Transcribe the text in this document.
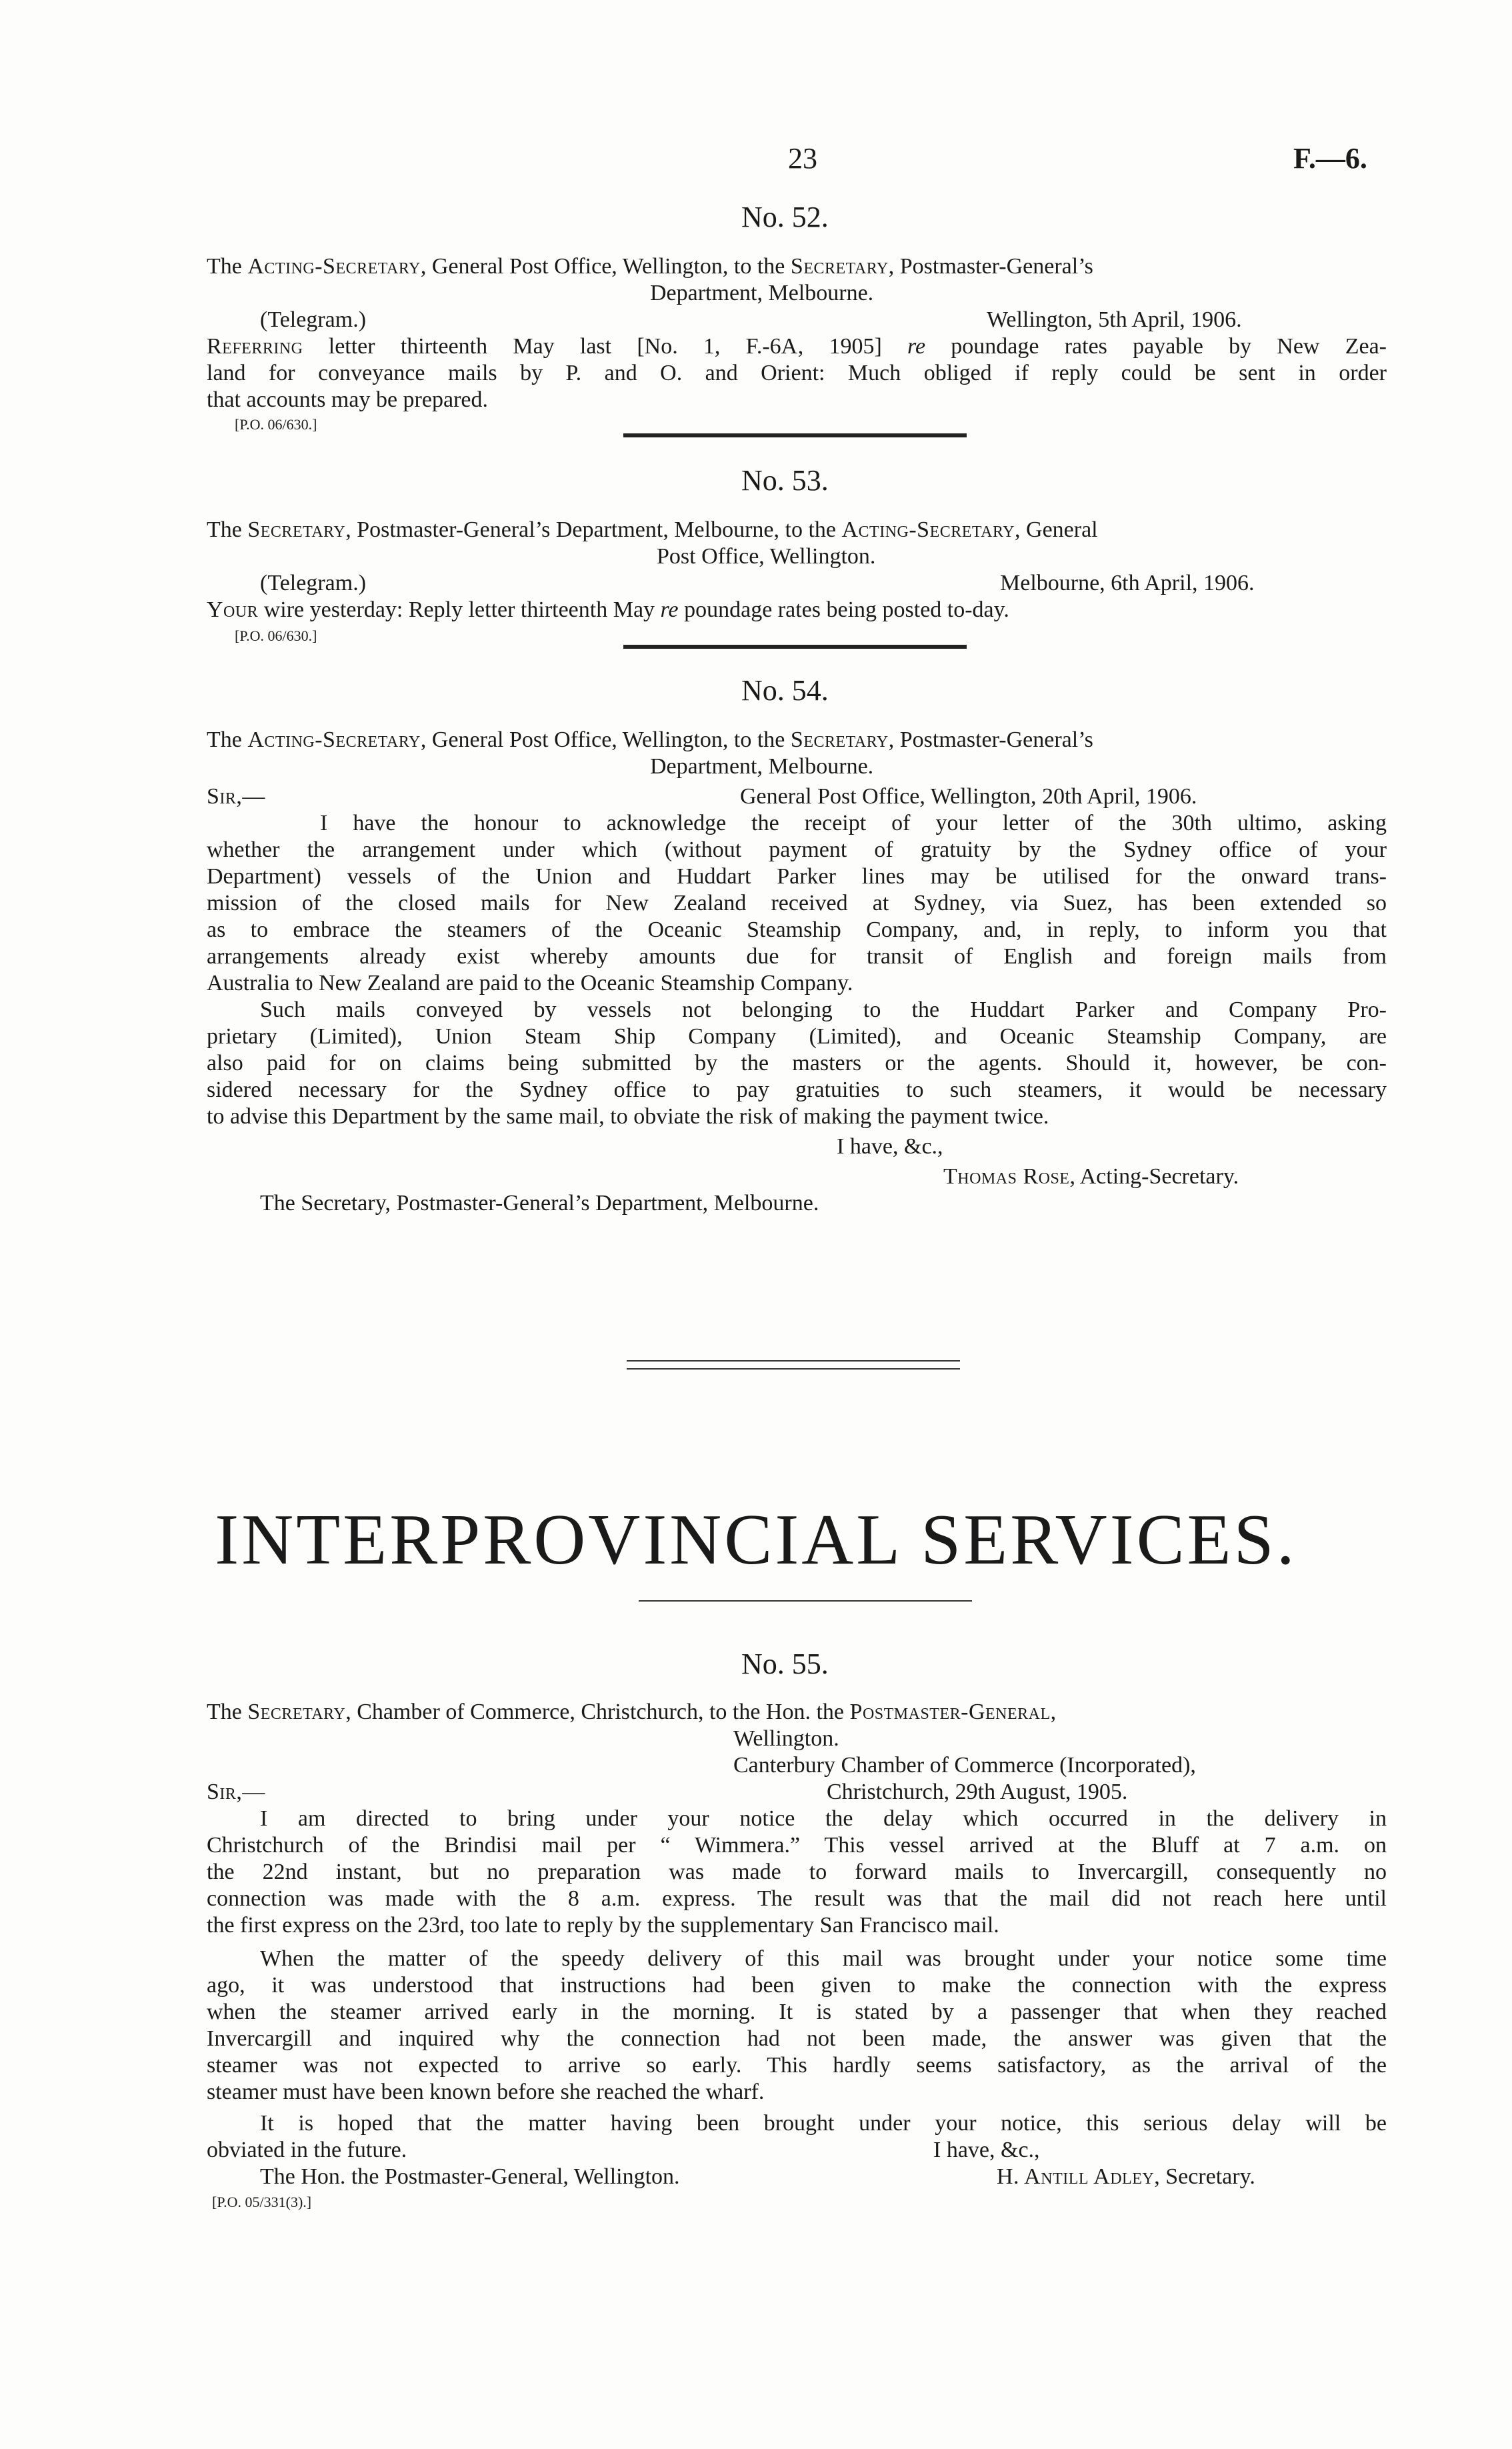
23	F.—6.
No. 52.
The Acting-Secretary, General Post Office, Wellington, to the Secretary, Postmaster-General’s
Department, Melbourne.
(Telegram.)	Wellington, 5th April, 1906.
Referring letter thirteenth May last [No. 1, F.-6A, 1905] re poundage rates payable by New Zea-
land for conveyance mails by P. and O. and Orient: Much obliged if reply could be sent in order
that accounts may be prepared.
[P.O. 06/630.]
No. 53.
The Secretary, Postmaster-General’s Department, Melbourne, to the Acting-Secretary, General
Post Office, Wellington.
(Telegram.)	Melbourne, 6th April, 1906.
Your wire yesterday: Reply letter thirteenth May re poundage rates being posted to-day.
[P.O. 06/630.]
No. 54.
The Acting-Secretary, General Post Office, Wellington, to the Secretary, Postmaster-General’s
Department, Melbourne.
Sir,—	General Post Office, Wellington, 20th April, 1906.
I have the honour to acknowledge the receipt of your letter of the 30th ultimo, asking
whether the arrangement under which (without payment of gratuity by the Sydney office of your
Department) vessels of the Union and Huddart Parker lines may be utilised for the onward trans-
mission of the closed mails for New Zealand received at Sydney, via Suez, has been extended so
as to embrace the steamers of the Oceanic Steamship Company, and, in reply, to inform you that
arrangements already exist whereby amounts due for transit of English and foreign mails from
Australia to New Zealand are paid to the Oceanic Steamship Company.
Such mails conveyed by vessels not belonging to the Huddart Parker and Company Pro-
prietary (Limited), Union Steam Ship Company (Limited), and Oceanic Steamship Company, are
also paid for on claims being submitted by the masters or the agents. Should it, however, be con-
sidered necessary for the Sydney office to pay gratuities to such steamers, it would be necessary
to advise this Department by the same mail, to obviate the risk of making the payment twice.
I have, &c.,
Thomas Rose, Acting-Secretary.
The Secretary, Postmaster-General’s Department, Melbourne.
INTERPROVINCIAL SERVICES.
No. 55.
The Secretary, Chamber of Commerce, Christchurch, to the Hon. the Postmaster-General,
Wellington.
Canterbury Chamber of Commerce (Incorporated),
Sir,—	Christchurch, 29th August, 1905.
I am directed to bring under your notice the delay which occurred in the delivery in
Christchurch of the Brindisi mail per “ Wimmera.” This vessel arrived at the Bluff at 7 a.m. on
the 22nd instant, but no preparation was made to forward mails to Invercargill, consequently no
connection was made with the 8 a.m. express. The result was that the mail did not reach here until
the first express on the 23rd, too late to reply by the supplementary San Francisco mail.
When the matter of the speedy delivery of this mail was brought under your notice some time
ago, it was understood that instructions had been given to make the connection with the express
when the steamer arrived early in the morning. It is stated by a passenger that when they reached
Invercargill and inquired why the connection had not been made, the answer was given that the
steamer was not expected to arrive so early. This hardly seems satisfactory, as the arrival of the
steamer must have been known before she reached the wharf.
It is hoped that the matter having been brought under your notice, this serious delay will be
obviated in the future.	I have, &c.,
The Hon. the Postmaster-General, Wellington.	H. Antill Adley, Secretary.
[P.O. 05/331(3).]
